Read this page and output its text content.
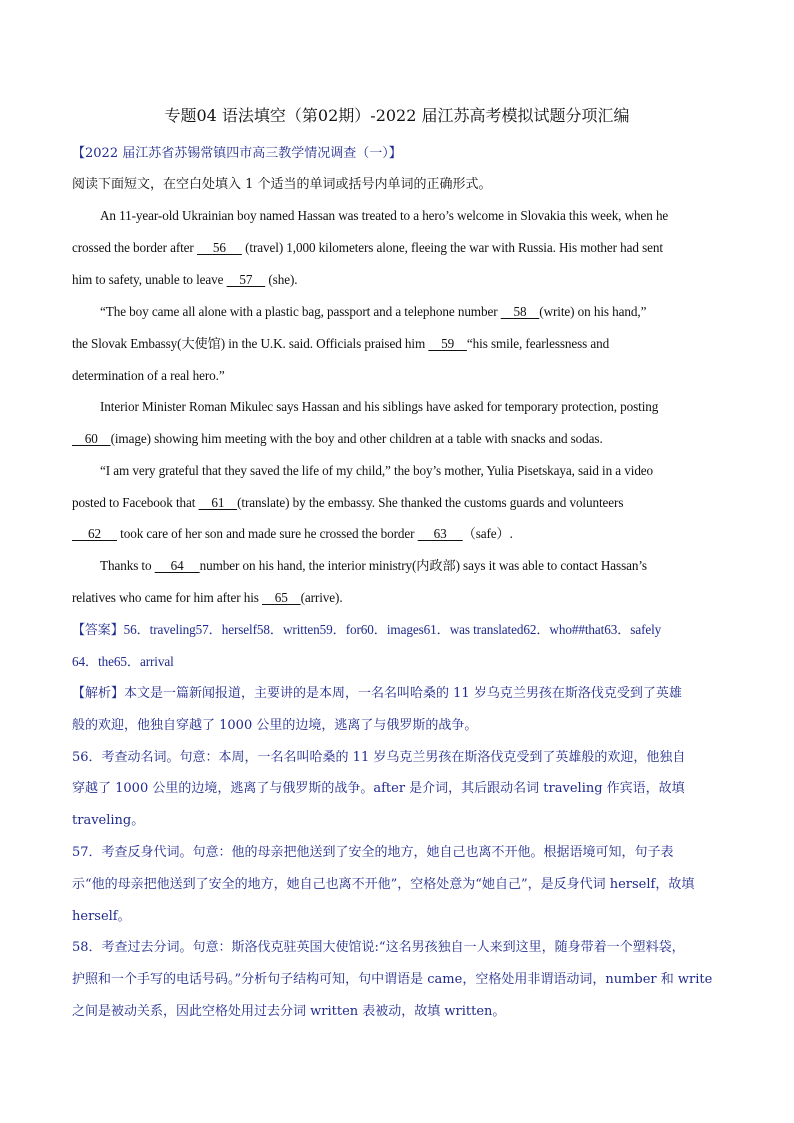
专题04 语法填空（第02期）-2022 届江苏高考模拟试题分项汇编
【2022 届江苏省苏锡常镇四市高三教学情况调查（一）】
阅读下面短文，在空白处填入 1 个适当的单词或括号内单词的正确形式。
An 11-year-old Ukrainian boy named Hassan was treated to a hero’s welcome in Slovakia this week, when he
crossed the border after      56      (travel) 1,000 kilometers alone, fleeing the war with Russia. His mother had sent
him to safety, unable to leave     57     (she).
“The boy came all alone with a plastic bag, passport and a telephone number     58    (write) on his hand,”
the Slovak Embassy(大使馆) in the U.K. said. Officials praised him     59    “his smile, fearlessness and
determination of a real hero.”
Interior Minister Roman Mikulec says Hassan and his siblings have asked for temporary protection, posting
60    (image) showing him meeting with the boy and other children at a table with snacks and sodas.
“I am very grateful that they saved the life of my child,” the boy’s mother, Yulia Pisetskaya, said in a video
posted to Facebook that     61    (translate) by the embassy. She thanked the customs guards and volunteers
62      took care of her son and made sure he crossed the border      63     （safe）.
Thanks to      64     number on his hand, the interior ministry(内政部) says it was able to contact Hassan’s
relatives who came for him after his     65    (arrive).
【答案】56．traveling57．herself58．written59．for60．images61．was translated62．who##that63．safely
64．the65．arrival
【解析】本文是一篇新闻报道，主要讲的是本周，一名名叫哈桑的 11 岁乌克兰男孩在斯洛伐克受到了英雄
般的欢迎，他独自穿越了 1000 公里的边境，逃离了与俄罗斯的战争。
56．考查动名词。句意：本周，一名名叫哈桑的 11 岁乌克兰男孩在斯洛伐克受到了英雄般的欢迎，他独自
穿越了 1000 公里的边境，逃离了与俄罗斯的战争。after 是介词，其后跟动名词 traveling 作宾语，故填
traveling。
57．考查反身代词。句意：他的母亲把他送到了安全的地方，她自己也离不开他。根据语境可知，句子表
示“他的母亲把他送到了安全的地方，她自己也离不开他”，空格处意为“她自己”，是反身代词 herself，故填
herself。
58．考查过去分词。句意：斯洛伐克驻英国大使馆说:“这名男孩独自一人来到这里，随身带着一个塑料袋，
护照和一个手写的电话号码。”分析句子结构可知，句中谓语是 came，空格处用非谓语动词，number 和 write
之间是被动关系，因此空格处用过去分词 written 表被动，故填 written。
